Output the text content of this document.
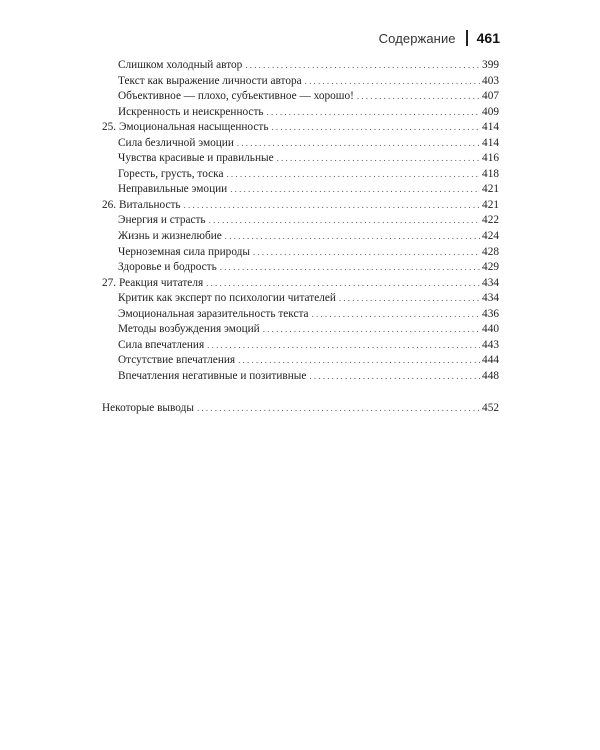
Содержание 461
Слишком холодный автор .....	399
Текст как выражение личности автора .....	403
Объективное — плохо, субъективное — хорошо! .....	407
Искренность и неискренность .....	409
25. Эмоциональная насыщенность .....	414
Сила безличной эмоции .....	414
Чувства красивые и правильные .....	416
Горесть, грусть, тоска .....	418
Неправильные эмоции .....	421
26. Витальность .....	421
Энергия и страсть .....	422
Жизнь и жизнелюбие .....	424
Черноземная сила природы .....	428
Здоровье и бодрость .....	429
27. Реакция читателя .....	434
Критик как эксперт по психологии читателей .....	434
Эмоциональная заразительность текста .....	436
Методы возбуждения эмоций .....	440
Сила впечатления .....	443
Отсутствие впечатления .....	444
Впечатления негативные и позитивные .....	448
Некоторые выводы .....	452
